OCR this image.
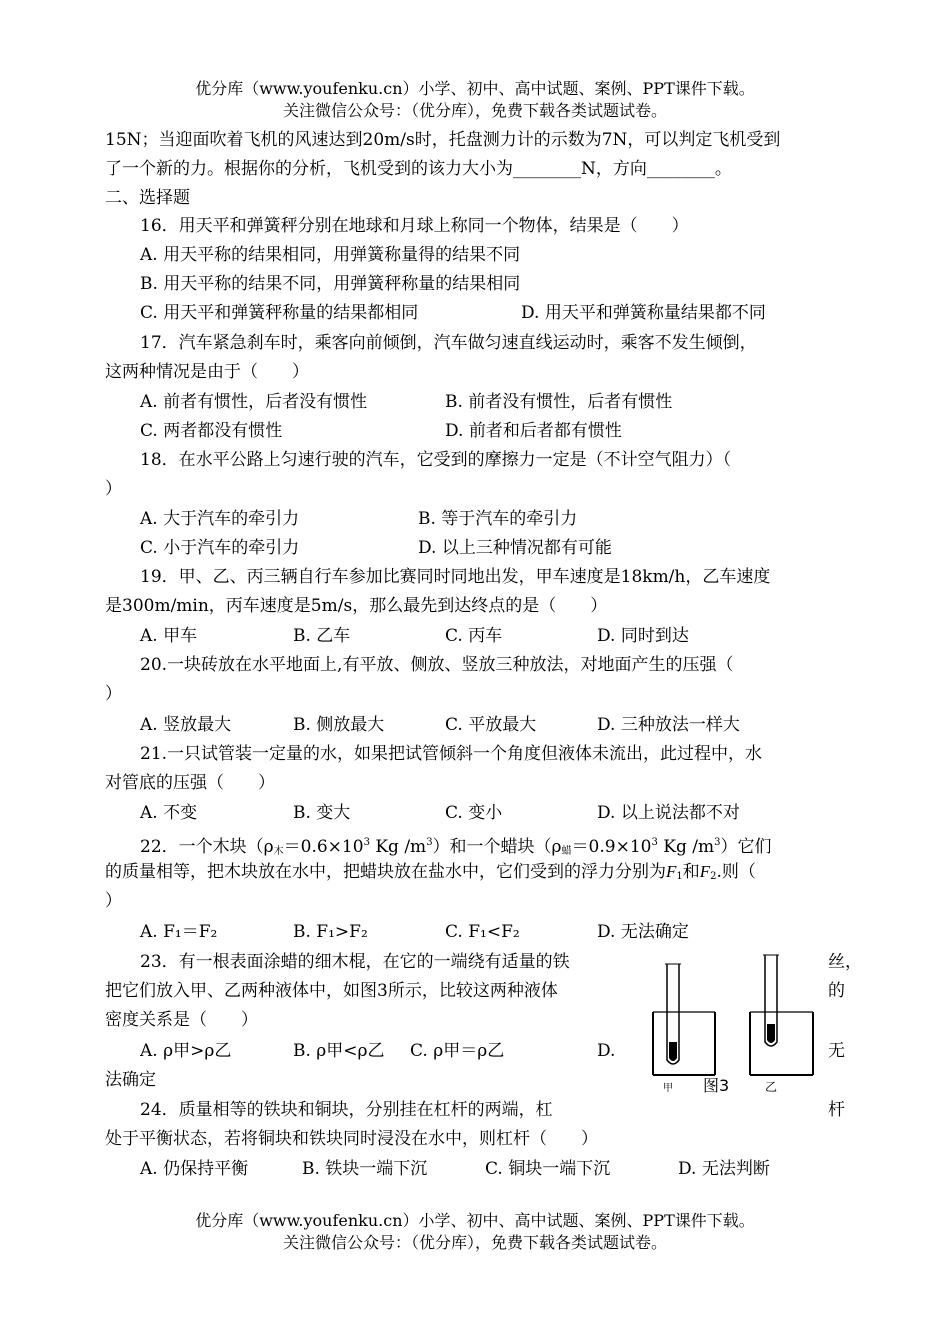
优分库（www.youfenku.cn）小学、初中、高中试题、案例、PPT课件下载。
关注微信公众号：（优分库），免费下载各类试题试卷。
15N；当迎面吹着飞机的风速达到20m/s时，托盘测力计的示数为7N，可以判定飞机受到
了一个新的力。根据你的分析，飞机受到的该力大小为________N，方向________。
二、选择题
16．用天平和弹簧秤分别在地球和月球上称同一个物体，结果是（　　）
A. 用天平称的结果相同，用弹簧称量得的结果不同
B. 用天平称的结果不同，用弹簧秤称量的结果相同
C. 用天平和弹簧秤称量的结果都相同	D. 用天平和弹簧称量结果都不同
17．汽车紧急刹车时，乘客向前倾倒，汽车做匀速直线运动时，乘客不发生倾倒，
这两种情况是由于（　　）
A. 前者有惯性，后者没有惯性	B. 前者没有惯性，后者有惯性
C. 两者都没有惯性	D. 前者和后者都有惯性
18．在水平公路上匀速行驶的汽车，它受到的摩擦力一定是（不计空气阻力）（
）
A. 大于汽车的牵引力	B. 等于汽车的牵引力
C. 小于汽车的牵引力	D. 以上三种情况都有可能
19．甲、乙、丙三辆自行车参加比赛同时同地出发，甲车速度是18km/h，乙车速度
是300m/min，丙车速度是5m/s，那么最先到达终点的是（　　）
A. 甲车	B. 乙车	C. 丙车	D. 同时到达
20.一块砖放在水平地面上,有平放、侧放、竖放三种放法，对地面产生的压强（
）
A. 竖放最大	B. 侧放最大	C. 平放最大	D. 三种放法一样大
21.一只试管装一定量的水，如果把试管倾斜一个角度但液体未流出，此过程中，水
对管底的压强（　　）
A. 不变	B. 变大	C. 变小	D. 以上说法都不对
22．一个木块（$\rho_木=0.6\times 10^3$ Kg $/m^3$）和一个蜡块（$\rho_蜡=0.9\times 10^3$ Kg $/m^3$）它们
的质量相等，把木块放在水中，把蜡块放在盐水中，它们受到的浮力分别为$F_1$和$F_2$.则（
）
A. F₁＝F₂	B. F₁>F₂	C. F₁<F₂	D. 无法确定
23．有一根表面涂蜡的细木棍，在它的一端绕有适量的铁	丝，
把它们放入甲、乙两种液体中，如图3所示，比较这两种液体	的
密度关系是（　　）
A. ρ甲>ρ乙	B. ρ甲<ρ乙 C. ρ甲＝ρ乙	D.	无
法确定
24．质量相等的铁块和铜块，分别挂在杠杆的两端，杠	杆
处于平衡状态，若将铜块和铁块同时浸没在水中，则杠杆（　　）
A. 仍保持平衡	B. 铁块一端下沉	C. 铜块一端下沉	D. 无法判断
甲 图3	乙
优分库（www.youfenku.cn）小学、初中、高中试题、案例、PPT课件下载。
关注微信公众号：（优分库），免费下载各类试题试卷。
